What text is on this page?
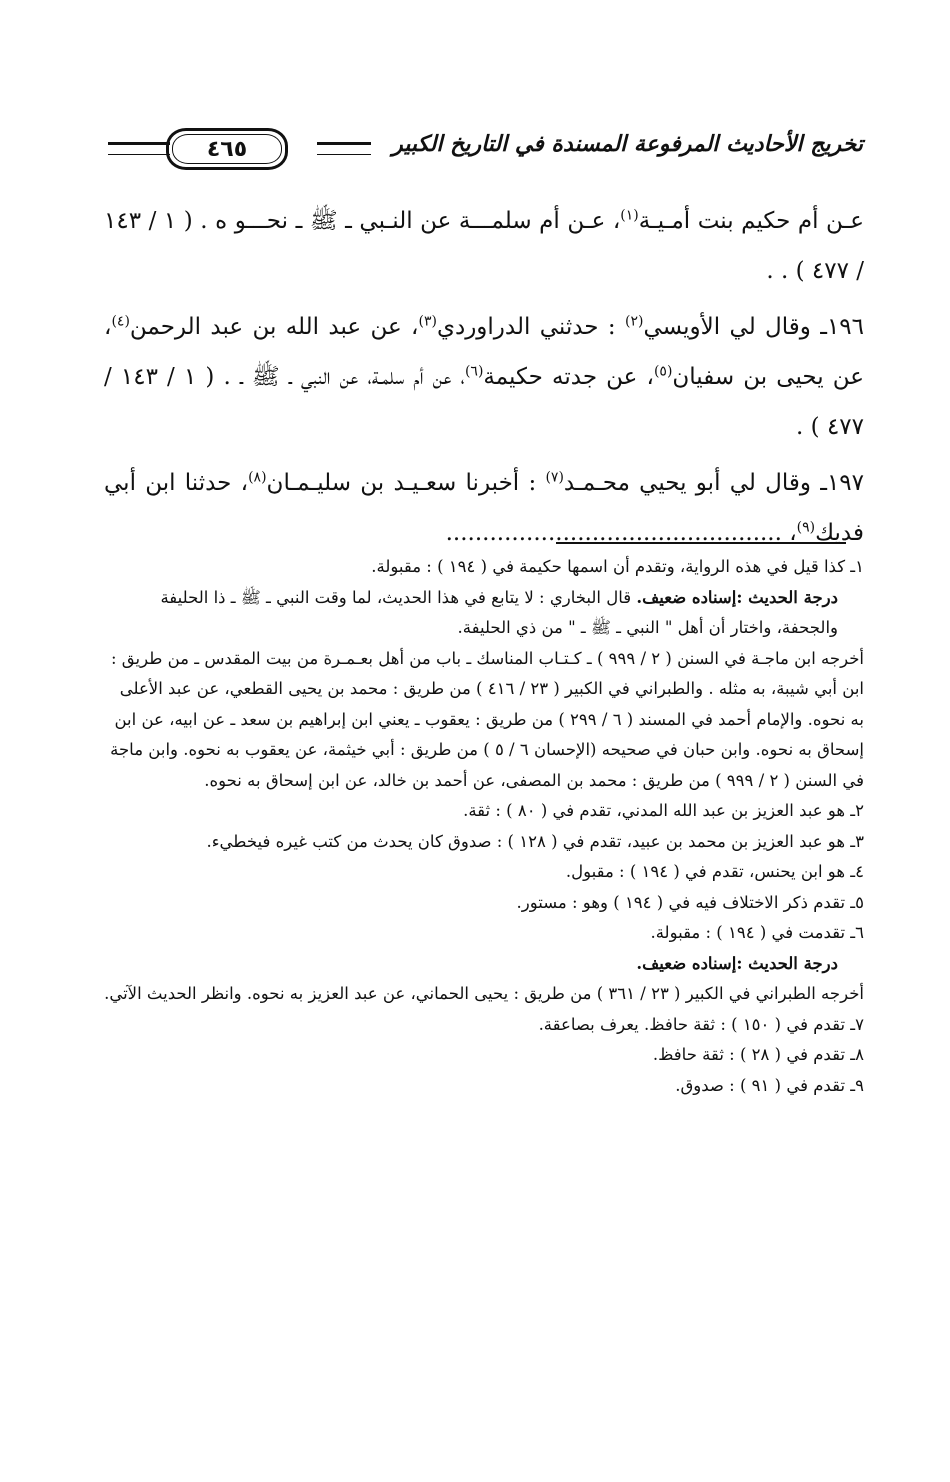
تخريج الأحاديث المرفوعة المسندة في التاريخ الكبير
٤٦٥

عـن أم حكيم بنت أمـيـة$^{(١)}$، عـن أم سلمـــة عن النـبي ـ ﷺ ـ نحـــو ه . ( ١ / ١٤٣ / ٤٧٧ ) . .

١٩٦ـ وقال لي الأويسي$^{(٢)}$ : حدثني الدراوردي$^{(٣)}$، عن عبد الله بن عبد الرحمن$^{(٤)}$، عن يحيى بن سفيان$^{(٥)}$، عن جدته حكيمة$^{(٦)}$، عن أم سلمـة، عن النبي ـ ﷺ ـ . ( ١ / ١٤٣ / ٤٧٧ ) .

١٩٧ـ وقال لي أبو يحيي محـمـد$^{(٧)}$ : أخبرنا سعـيـد بن سليـمـان$^{(٨)}$، حدثنا ابن أبي فديك$^{(٩)}$، ..............................................

١ـ كذا قيل في هذه الرواية، وتقدم أن اسمها حكيمة في ( ١٩٤ ) : مقبولة.

درجة الحديث :إسناده ضعيف. قال البخاري : لا يتابع في هذا الحديث، لما وقت النبي ـ ﷺ ـ ذا الحليفة والجحفة، واختار أن أهل " النبي ـ ﷺ ـ " من ذي الحليفة.

أخرجه ابن ماجـة في السنن ( ٢ / ٩٩٩ ) ـ كـتـاب المناسك ـ باب من أهل بعـمـرة من بيت المقدس ـ من طريق : ابن أبي شيبة، به مثله . والطبراني في الكبير ( ٢٣ / ٤١٦ ) من طريق : محمد بن يحيى القطعي، عن عبد الأعلى به نحوه. والإمام أحمد في المسند ( ٦ / ٢٩٩ ) من طريق : يعقوب ـ يعني ابن إبراهيم بن سعد ـ عن ابيه، عن ابن إسحاق به نحوه. وابن حبان في صحيحه (الإحسان ٦ / ٥ ) من طريق : أبي خيثمة، عن يعقوب به نحوه. وابن ماجة في السنن ( ٢ / ٩٩٩ ) من طريق : محمد بن المصفى، عن أحمد بن خالد، عن ابن إسحاق به نحوه.

٢ـ هو عبد العزيز بن عبد الله المدني، تقدم في ( ٨٠ ) : ثقة.

٣ـ هو عبد العزيز بن محمد بن عبيد، تقدم في ( ١٢٨ ) : صدوق كان يحدث من كتب غيره فيخطيء.

٤ـ هو ابن يحنس، تقدم في ( ١٩٤ ) : مقبول.

٥ـ تقدم ذكر الاختلاف فيه في ( ١٩٤ ) وهو : مستور.

٦ـ تقدمت في ( ١٩٤ ) : مقبولة.

درجة الحديث :إسناده ضعيف.

أخرجه الطبراني في الكبير ( ٢٣ / ٣٦١ ) من طريق : يحيى الحماني، عن عبد العزيز به نحوه. وانظر الحديث الآتي.

٧ـ تقدم في ( ١٥٠ ) : ثقة حافظ. يعرف بصاعقة.

٨ـ تقدم في ( ٢٨ ) : ثقة حافظ.

٩ـ تقدم في ( ٩١ ) : صدوق.
